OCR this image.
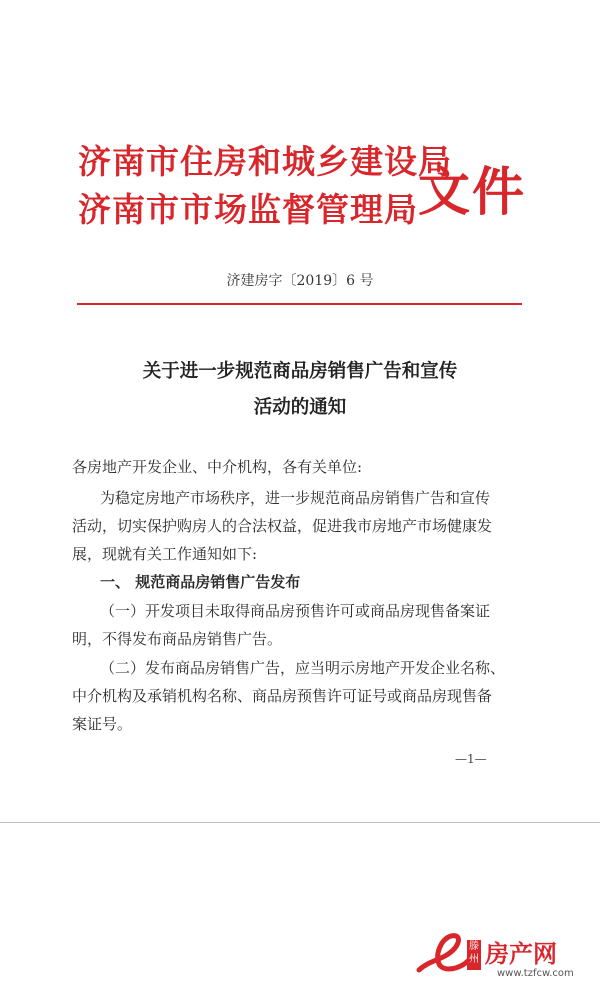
济南市住房和城乡建设局
济南市市场监督管理局 文件
济建房字〔2019〕6 号
关于进一步规范商品房销售广告和宣传
活动的通知
各房地产开发企业、中介机构，各有关单位:
为稳定房地产市场秩序，进一步规范商品房销售广告和宣传
活动，切实保护购房人的合法权益，促进我市房地产市场健康发
展，现就有关工作通知如下:
一、 规范商品房销售广告发布
（一）开发项目未取得商品房预售许可或商品房现售备案证
明，不得发布商品房销售广告。
（二）发布商品房销售广告，应当明示房地产开发企业名称、
中介机构及承销机构名称、商品房预售许可证号或商品房现售备
案证号。
—1—
滕州 房产网
www.tzfcw.com
